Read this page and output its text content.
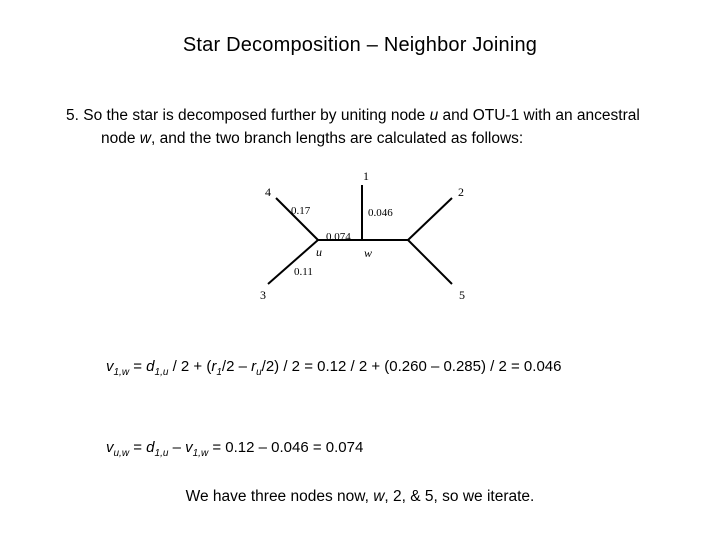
Star Decomposition – Neighbor Joining
5. So the star is decomposed further by uniting node u and OTU-1 with an ancestral
node w, and the two branch lengths are calculated as follows:
1
2
3
4
5
0.17	0.046
0.074
0.11
u	w
$v_{1,w} = d_{1,u} / 2 + (r_1/2 - r_u/2) / 2 = 0.12 / 2 + (0.260 - 0.285) / 2 = 0.046$
$v_{u,w} = d_{1,u} - v_{1,w} = 0.12 - 0.046 = 0.074$
We have three nodes now, w, 2, & 5, so we iterate.
